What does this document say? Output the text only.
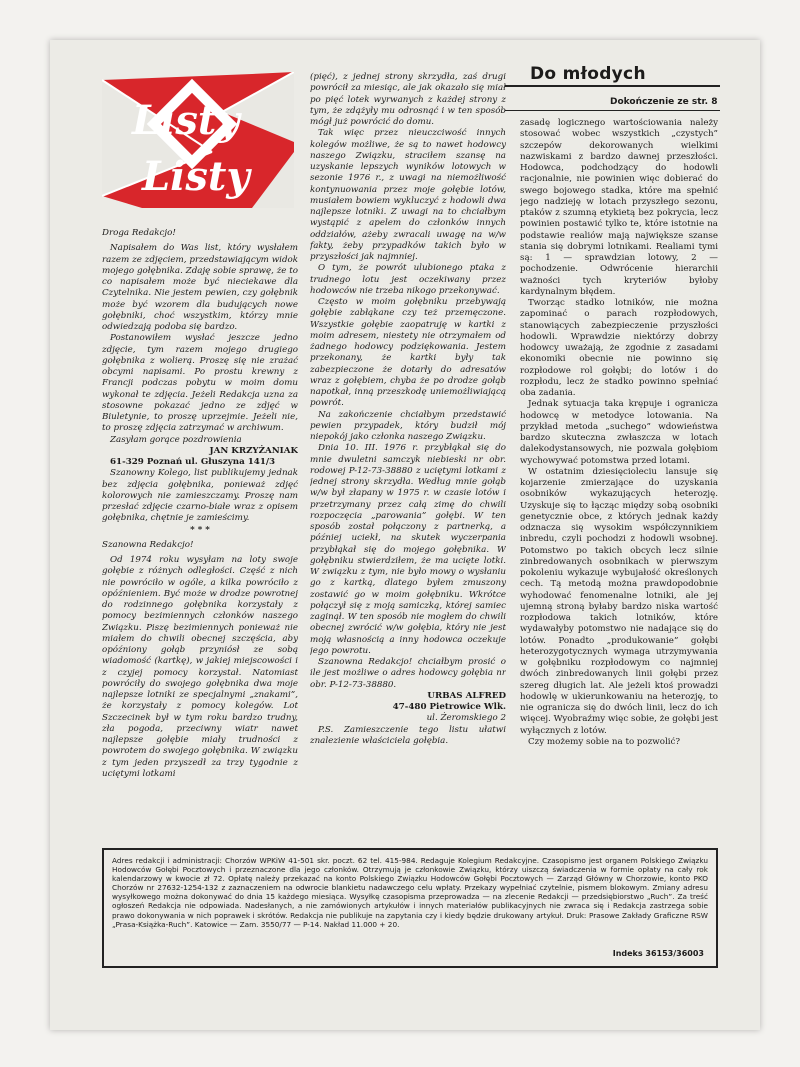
Listy
Listy
Do młodych
Dokończenie ze str. 8

Droga Redakcjo!

Napisałem do Was list, który wysłałem razem ze zdjęciem, przedstawiającym widok mojego gołębnika. Zdaję sobie sprawę, że to co napisałem może być nieciekawe dla Czytelnika. Nie jestem pewien, czy gołębnik może być wzorem dla budujących nowe gołębniki, choć wszystkim, którzy mnie odwiedzają podoba się bardzo.

Postanowiłem wysłać jeszcze jedno zdjęcie, tym razem mojego drugiego gołębnika z wolierą. Proszę się nie zrażać obcymi napisami. Po prostu krewny z Francji podczas pobytu w moim domu wykonał te zdjęcia. Jeżeli Redakcja uzna za stosowne pokazać jedno ze zdjęć w Biuletynie, to proszę uprzejmie. Jeżeli nie, to proszę zdjęcia zatrzymać w archiwum.

Zasyłam gorące pozdrowienia

JAN KRZYŻANIAK

61-329 Poznań ul. Głuszyna 141/3

Szanowny Kolego, list publikujemy jednak bez zdjęcia gołębnika, ponieważ zdjęć kolorowych nie zamieszczamy. Proszę nam przesłać zdjęcie czarno-białe wraz z opisem gołębnika, chętnie je zamieścimy.

* * *

Szanowna Redakcjo!

Od 1974 roku wysyłam na loty swoje gołębie z różnych odległości. Część z nich nie powróciło w ogóle, a kilka powróciło z opóźnieniem. Być może w drodze powrotnej do rodzinnego gołębnika korzystały z pomocy bezimiennych członków naszego Związku. Piszę bezimiennych ponieważ nie miałem do chwili obecnej szczęścia, aby opóźniony gołąb przyniósł ze sobą wiadomość (kartkę), w jakiej miejscowości i z czyjej pomocy korzystał. Natomiast powróciły do swojego gołębnika dwa moje najlepsze lotniki ze specjalnymi „znakami”, że korzystały z pomocy kolegów. Lot Szczecinek był w tym roku bardzo trudny, zła pogoda, przeciwny wiatr nawet najlepsze gołębie miały trudności z powrotem do swojego gołębnika. W związku z tym jeden przyszedł za trzy tygodnie z uciętymi lotkami

(pięć), z jednej strony skrzydła, zaś drugi powrócił za miesiąc, ale jak okazało się miał po pięć lotek wyrwanych z każdej strony z tym, że zdążyły mu odrosnąć i w ten sposób mógł już powrócić do domu.

Tak więc przez nieuczciwość innych kolegów możliwe, że są to nawet hodowcy naszego Związku, straciłem szansę na uzyskanie lepszych wyników lotowych w sezonie 1976 r., z uwagi na niemożliwość kontynuowania przez moje gołębie lotów, musiałem bowiem wykluczyć z hodowli dwa najlepsze lotniki. Z uwagi na to chciałbym wystąpić z apelem do członków innych oddziałów, ażeby zwracali uwagę na w/w fakty, żeby przypadków takich było w przyszłości jak najmniej.

O tym, że powrót ulubionego ptaka z trudnego lotu jest oczekiwany przez hodowców nie trzeba nikogo przekonywać.

Często w moim gołębniku przebywają gołębie zabłąkane czy też przemęczone. Wszystkie gołębie zaopatruję w kartki z moim adresem, niestety nie otrzymałem od żadnego hodowcy podziękowania. Jestem przekonany, że kartki były tak zabezpieczone że dotarły do adresatów wraz z gołębiem, chyba że po drodze gołąb napotkał, inną przeszkodę uniemożliwiającą powrót.

Na zakończenie chciałbym przedstawić pewien przypadek, który budził mój niepokój jako członka naszego Związku.

Dnia 10. III. 1976 r. przybłąkał się do mnie dwuletni samczyk niebieski nr obr. rodowej P-12-73-38880 z uciętymi lotkami z jednej strony skrzydła. Według mnie gołąb w/w był złapany w 1975 r. w czasie lotów i przetrzymany przez całą zimę do chwili rozpoczęcia „parowania” gołębi. W ten sposób został połączony z partnerką, a później uciekł, na skutek wyczerpania przybłąkał się do mojego gołębnika. W gołębniku stwierdziłem, że ma ucięte lotki. W związku z tym, nie było mowy o wysłaniu go z kartką, dlatego byłem zmuszony zostawić go w moim gołębniku. Wkrótce połączył się z moją samiczką, której samiec zaginął. W ten sposób nie mogłem do chwili obecnej zwrócić w/w gołębia, który nie jest moją własnością a inny hodowca oczekuje jego powrotu.

Szanowna Redakcjo! chciałbym prosić o ile jest możliwe o adres hodowcy gołębia nr obr. P-12-73-38880.

URBAS ALFRED

47-480 Pietrowice Wlk.

ul. Żeromskiego 2

P.S. Zamieszczenie tego listu ułatwi znalezienie właściciela gołębia.

zasadę logicznego wartościowania należy stosować wobec wszystkich „czystych” szczepów dekorowanych wielkimi nazwiskami z bardzo dawnej przeszłości. Hodowca, podchodzący do hodowli racjonalnie, nie powinien więc dobierać do swego bojowego stadka, które ma spełnić jego nadzieję w lotach przyszłego sezonu, ptaków z szumną etykietą bez pokrycia, lecz powinien postawić tylko te, które istotnie na podstawie realiów mają największe szanse stania się dobrymi lotnikami. Realiami tymi są: 1 — sprawdzian lotowy, 2 — pochodzenie. Odwrócenie hierarchii ważności tych kryteriów byłoby kardynalnym błędem.

Tworząc stadko lotników, nie można zapominać o parach rozpłodowych, stanowiących zabezpieczenie przyszłości hodowli. Wprawdzie niektórzy dobrzy hodowcy uważają, że zgodnie z zasadami ekonomiki obecnie nie powinno się rozpłodowe rol gołębi; do lotów i do rozpłodu, lecz że stadko powinno spełniać oba zadania.

Jednak sytuacja taka krępuje i ogranicza hodowcę w metodyce lotowania. Na przykład metoda „suchego” wdowieństwa bardzo skuteczna zwłaszcza w lotach dalekodystansowych, nie pozwala gołębiom wychowywać potomstwa przed lotami.

W ostatnim dziesięcioleciu lansuje się kojarzenie zmierzające do uzyskania osobników wykazujących heterozję. Uzyskuje się to łącząc między sobą osobniki genetycznie obce, z których jednak każdy odznacza się wysokim współczynnikiem inbredu, czyli pochodzi z hodowli wsobnej. Potomstwo po takich obcych lecz silnie zinbredowanych osobnikach w pierwszym pokoleniu wykazuje wybujałość określonych cech. Tą metodą można prawdopodobnie wyhodować fenomenalne lotniki, ale jej ujemną stroną byłaby bardzo niska wartość rozpłodowa takich lotników, które wydawałyby potomstwo nie nadające się do lotów. Ponadto „produkowanie” gołębi heterozygotycznych wymaga utrzymywania w gołębniku rozpłodowym co najmniej dwóch zinbredowanych linii gołębi przez szereg długich lat. Ale jeżeli ktoś prowadzi hodowlę w ukierunkowaniu na heterozję, to nie ogranicza się do dwóch linii, lecz do ich więcej. Wyobraźmy więc sobie, że gołębi jest wyłącznych z lotów.

Czy możemy sobie na to pozwolić?

Adres redakcji i administracji: Chorzów WPKiW 41-501 skr. poczt. 62 tel. 415-984. Redaguje Kolegium Redakcyjne. Czasopismo jest organem Polskiego Związku Hodowców Gołębi Pocztowych i przeznaczone dla jego członków. Otrzymują je członkowie Związku, którzy uiszczą świadczenia w formie opłaty na cały rok kalendarzowy w kwocie zł 72. Opłatę należy przekazać na konto Polskiego Związku Hodowców Gołębi Pocztowych — Zarząd Główny w Chorzowie, konto PKO Chorzów nr 27632-1254-132 z zaznaczeniem na odwrocie blankietu nadawczego celu wpłaty. Przekazy wypełniać czytelnie, pismem blokowym. Zmiany adresu wysyłkowego można dokonywać do dnia 15 każdego miesiąca. Wysyłkę czasopisma przeprowadza — na zlecenie Redakcji — przedsiębiorstwo „Ruch”. Za treść ogłoszeń Redakcja nie odpowiada. Nadesłanych, a nie zamówionych artykułów i innych materiałów publikacyjnych nie zwraca się i Redakcja zastrzega sobie prawo dokonywania w nich poprawek i skrótów. Redakcja nie publikuje na zapytania czy i kiedy będzie drukowany artykuł. Druk: Prasowe Zakłady Graficzne RSW „Prasa-Książka-Ruch”. Katowice — Zam. 3550/77 — P-14. Nakład 11.000 + 20.
Indeks 36153/36003
